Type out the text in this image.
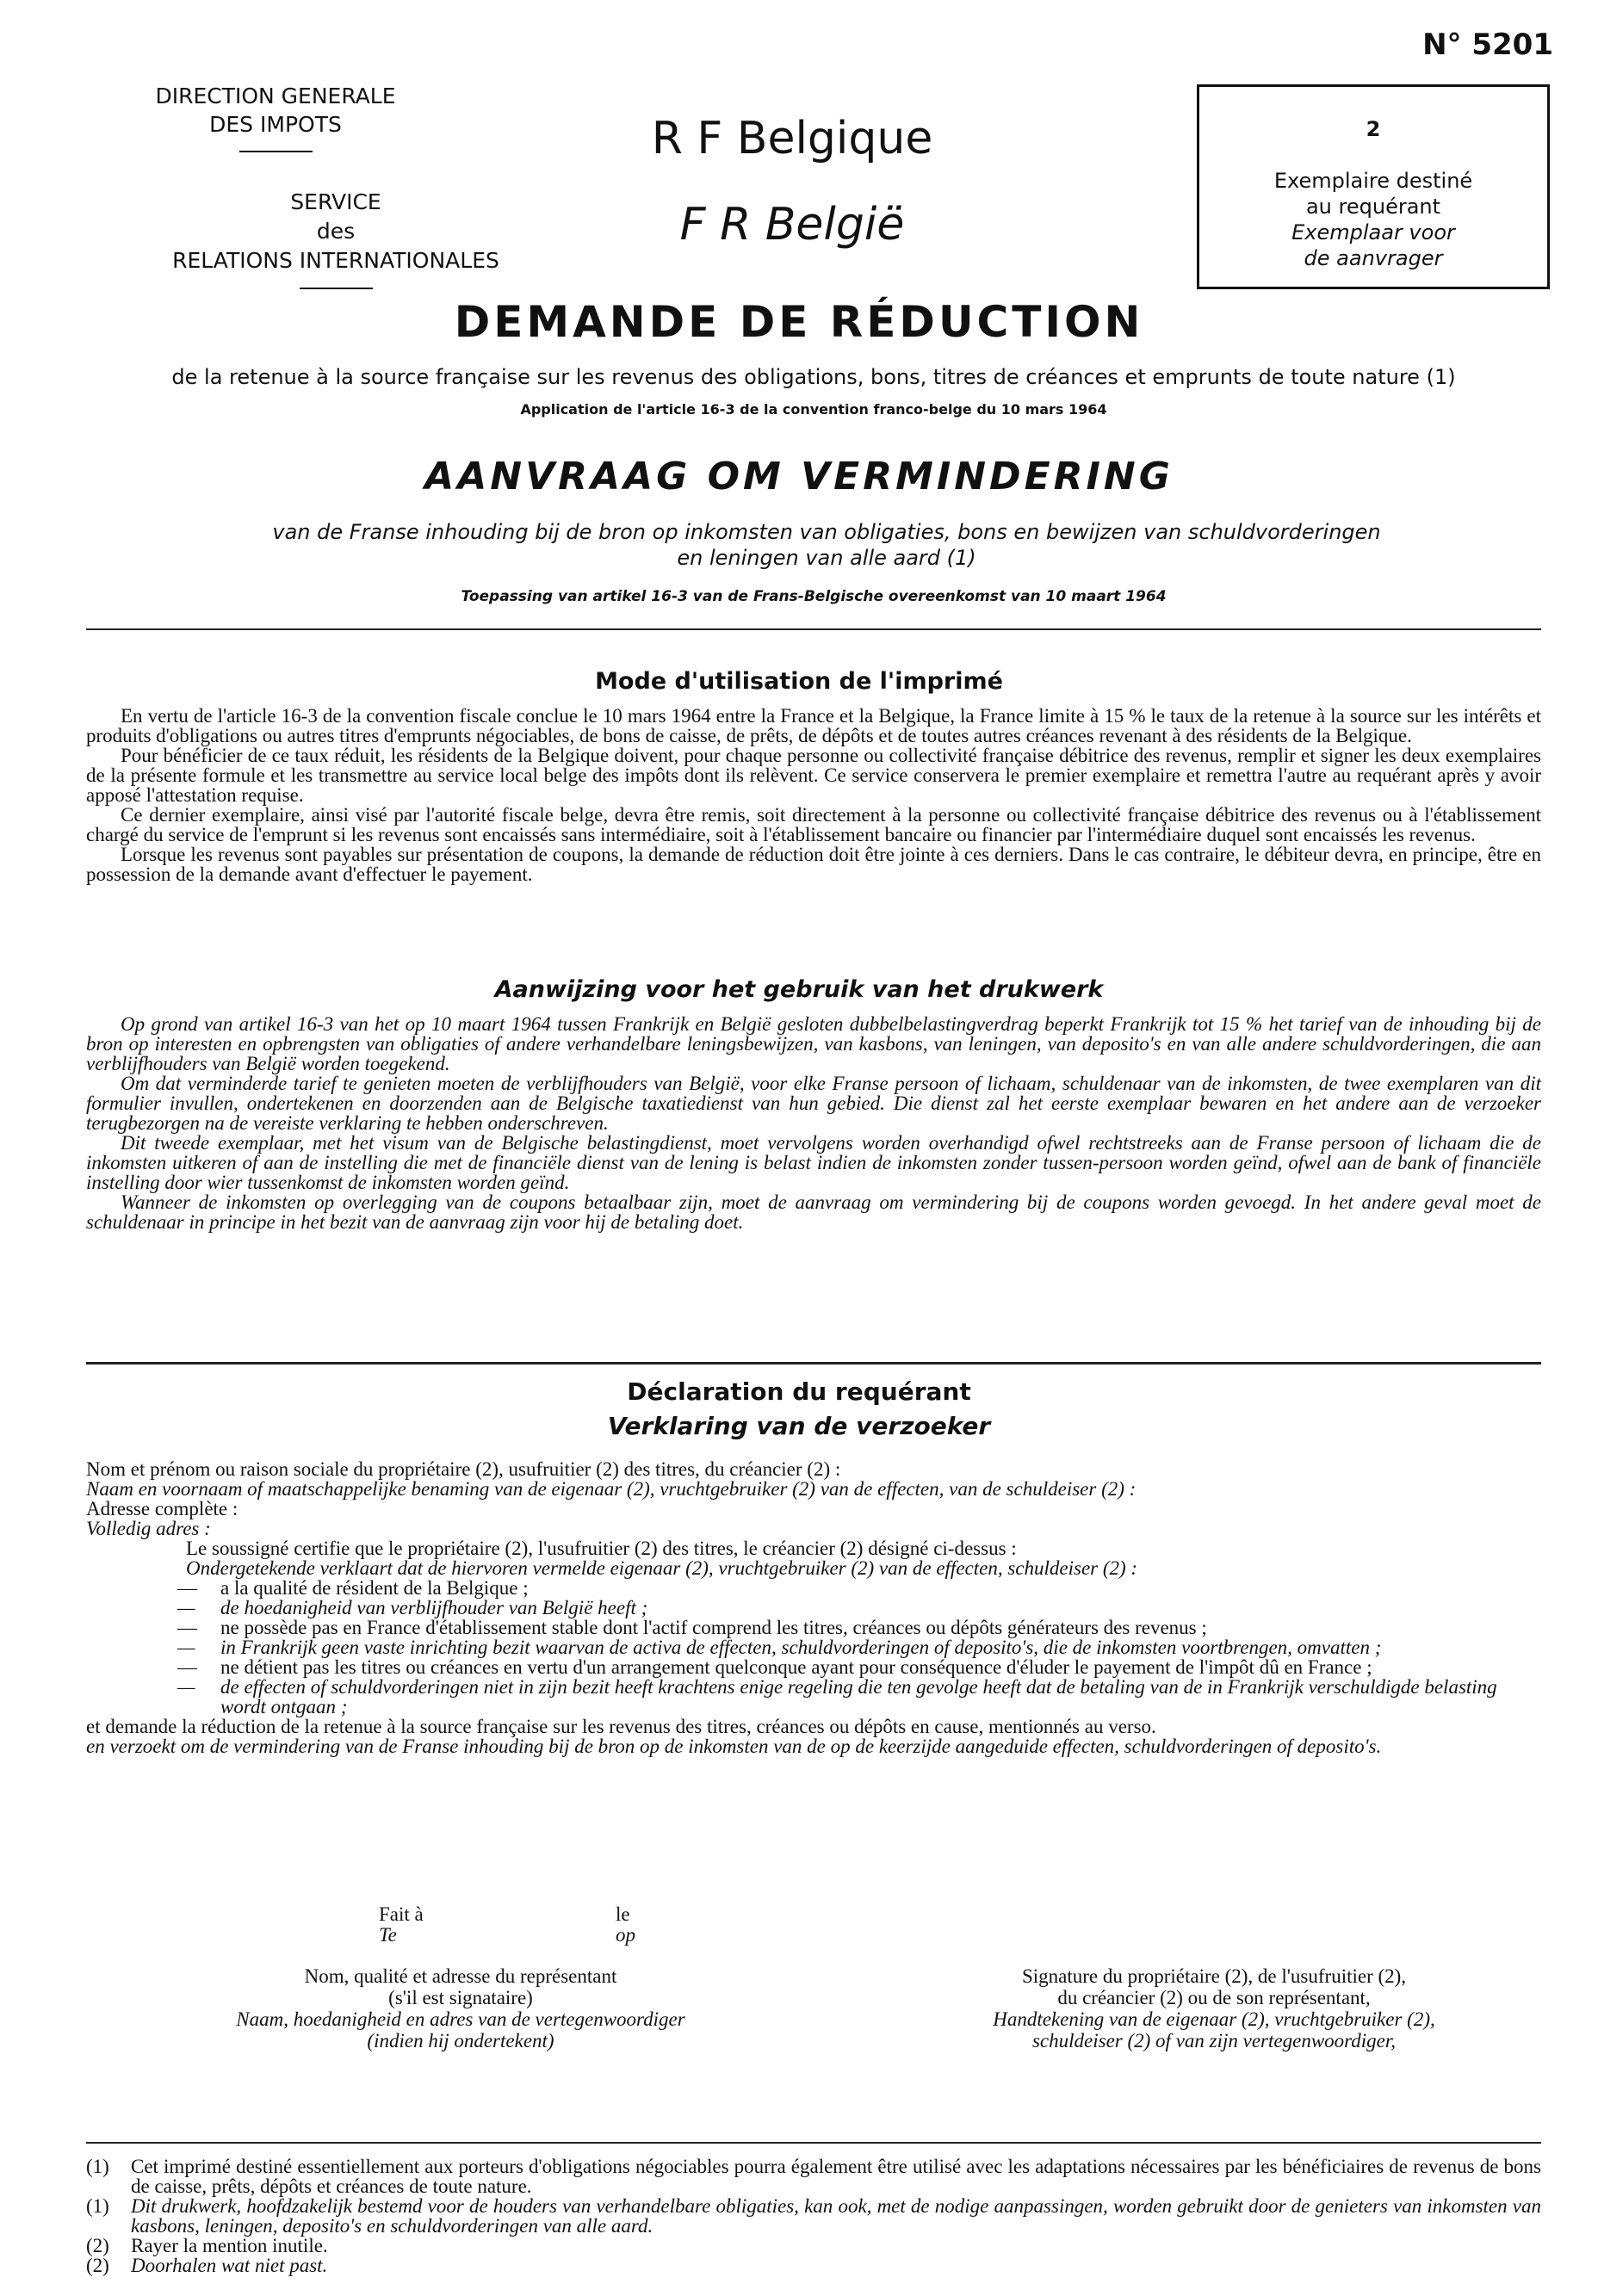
N° 5201
DIRECTION GENERALE
DES IMPOTS
SERVICE
des
RELATIONS INTERNATIONALES
R F Belgique
F R België
2
Exemplaire destiné
au requérant
Exemplaar voor
de aanvrager
DEMANDE DE RÉDUCTION
de la retenue à la source française sur les revenus des obligations, bons, titres de créances et emprunts de toute nature (1)
Application de l'article 16-3 de la convention franco-belge du 10 mars 1964
AANVRAAG OM VERMINDERING
van de Franse inhouding bij de bron op inkomsten van obligaties, bons en bewijzen van schuldvorderingen
en leningen van alle aard (1)
Toepassing van artikel 16-3 van de Frans-Belgische overeenkomst van 10 maart 1964
Mode d'utilisation de l'imprimé

En vertu de l'article 16-3 de la convention fiscale conclue le 10 mars 1964 entre la France et la Belgique, la France limite à 15 % le taux de la retenue à la source sur les intérêts et produits d'obligations ou autres titres d'emprunts négociables, de bons de caisse, de prêts, de dépôts et de toutes autres créances revenant à des résidents de la Belgique.

Pour bénéficier de ce taux réduit, les résidents de la Belgique doivent, pour chaque personne ou collectivité française débitrice des revenus, remplir et signer les deux exemplaires de la présente formule et les transmettre au service local belge des impôts dont ils relèvent. Ce service conservera le premier exemplaire et remettra l'autre au requérant après y avoir apposé l'attestation requise.

Ce dernier exemplaire, ainsi visé par l'autorité fiscale belge, devra être remis, soit directement à la personne ou collectivité française débitrice des revenus ou à l'établissement chargé du service de l'emprunt si les revenus sont encaissés sans intermédiaire, soit à l'établissement bancaire ou financier par l'intermédiaire duquel sont encaissés les revenus.

Lorsque les revenus sont payables sur présentation de coupons, la demande de réduction doit être jointe à ces derniers. Dans le cas contraire, le débiteur devra, en principe, être en possession de la demande avant d'effectuer le payement.

Aanwijzing voor het gebruik van het drukwerk

Op grond van artikel 16-3 van het op 10 maart 1964 tussen Frankrijk en België gesloten dubbelbelastingverdrag beperkt Frankrijk tot 15 % het tarief van de inhouding bij de bron op interesten en opbrengsten van obligaties of andere verhandelbare leningsbewijzen, van kasbons, van leningen, van deposito's en van alle andere schuldvorderingen, die aan verblijfhouders van België worden toegekend.

Om dat verminderde tarief te genieten moeten de verblijfhouders van België, voor elke Franse persoon of lichaam, schuldenaar van de inkomsten, de twee exemplaren van dit formulier invullen, ondertekenen en doorzenden aan de Belgische taxatiedienst van hun gebied. Die dienst zal het eerste exemplaar bewaren en het andere aan de verzoeker terugbezorgen na de vereiste verklaring te hebben onderschreven.

Dit tweede exemplaar, met het visum van de Belgische belastingdienst, moet vervolgens worden overhandigd ofwel rechtstreeks aan de Franse persoon of lichaam die de inkomsten uitkeren of aan de instelling die met de financiële dienst van de lening is belast indien de inkomsten zonder tussen-persoon worden geïnd, ofwel aan de bank of financiële instelling door wier tussenkomst de inkomsten worden geïnd.

Wanneer de inkomsten op overlegging van de coupons betaalbaar zijn, moet de aanvraag om vermindering bij de coupons worden gevoegd. In het andere geval moet de schuldenaar in principe in het bezit van de aanvraag zijn voor hij de betaling doet.

Déclaration du requérant
Verklaring van de verzoeker
Nom et prénom ou raison sociale du propriétaire (2), usufruitier (2) des titres, du créancier (2) :
Naam en voornaam of maatschappelijke benaming van de eigenaar (2), vruchtgebruiker (2) van de effecten, van de schuldeiser (2) :
Adresse complète :
Volledig adres :
Le soussigné certifie que le propriétaire (2), l'usufruitier (2) des titres, le créancier (2) désigné ci-dessus :
Ondergetekende verklaart dat de hiervoren vermelde eigenaar (2), vruchtgebruiker (2) van de effecten, schuldeiser (2) :
—	a la qualité de résident de la Belgique ;
—	de hoedanigheid van verblijfhouder van België heeft ;
—	ne possède pas en France d'établissement stable dont l'actif comprend les titres, créances ou dépôts générateurs des revenus ;
—	in Frankrijk geen vaste inrichting bezit waarvan de activa de effecten, schuldvorderingen of deposito's, die de inkomsten voortbrengen, omvatten ;
—	ne détient pas les titres ou créances en vertu d'un arrangement quelconque ayant pour conséquence d'éluder le payement de l'impôt dû en France ;
—	de effecten of schuldvorderingen niet in zijn bezit heeft krachtens enige regeling die ten gevolge heeft dat de betaling van de in Frankrijk verschuldigde belasting wordt ontgaan ;
et demande la réduction de la retenue à la source française sur les revenus des titres, créances ou dépôts en cause, mentionnés au verso.
en verzoekt om de vermindering van de Franse inhouding bij de bron op de inkomsten van de op de keerzijde aangeduide effecten, schuldvorderingen of deposito's.
Fait à	le
Te	op
Nom, qualité et adresse du représentant
(s'il est signataire)
Naam, hoedanigheid en adres van de vertegenwoordiger
(indien hij ondertekent)
Signature du propriétaire (2), de l'usufruitier (2),
du créancier (2) ou de son représentant,
Handtekening van de eigenaar (2), vruchtgebruiker (2),
schuldeiser (2) of van zijn vertegenwoordiger,
(1)	Cet imprimé destiné essentiellement aux porteurs d'obligations négociables pourra également être utilisé avec les adaptations nécessaires par les bénéficiaires de revenus de bons de caisse, prêts, dépôts et créances de toute nature.
(1)	Dit drukwerk, hoofdzakelijk bestemd voor de houders van verhandelbare obligaties, kan ook, met de nodige aanpassingen, worden gebruikt door de genieters van inkomsten van kasbons, leningen, deposito's en schuldvorderingen van alle aard.
(2)	Rayer la mention inutile.
(2)	Doorhalen wat niet past.
